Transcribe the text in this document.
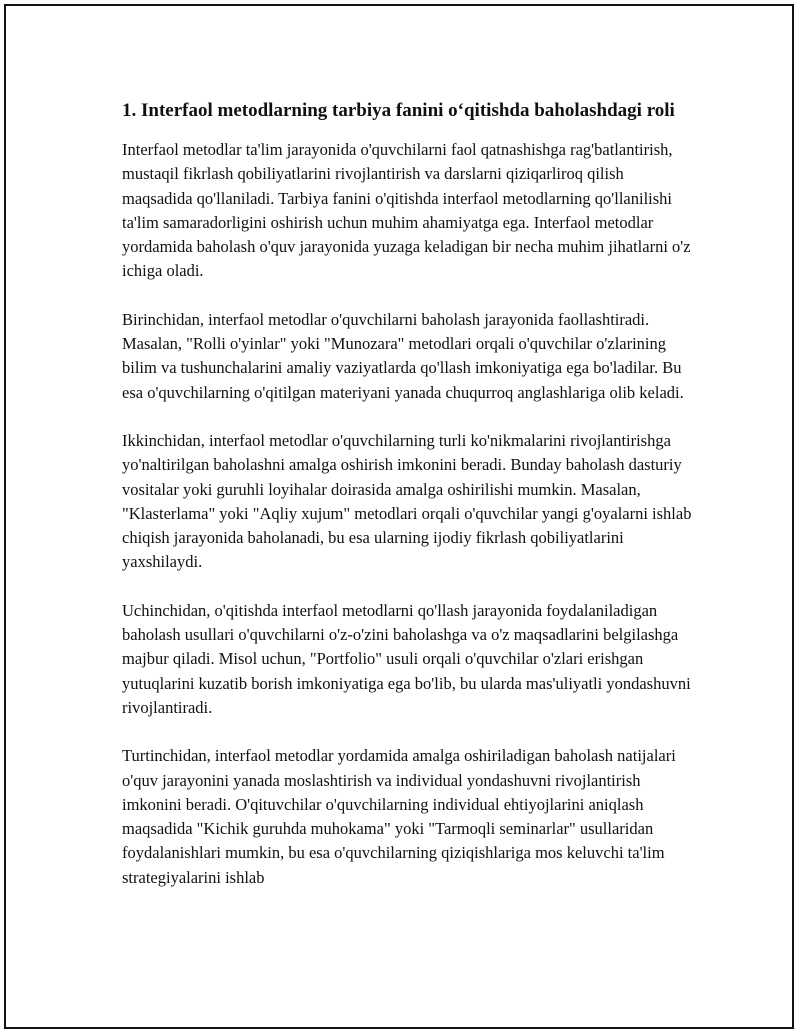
1. Interfaol metodlarning tarbiya fanini o‘qitishda baholashdagi roli

Interfaol metodlar ta'lim jarayonida o'quvchilarni faol qatnashishga rag'batlantirish, mustaqil fikrlash qobiliyatlarini rivojlantirish va darslarni qiziqarliroq qilish maqsadida qo'llaniladi. Tarbiya fanini o'qitishda interfaol metodlarning qo'llanilishi ta'lim samaradorligini oshirish uchun muhim ahamiyatga ega. Interfaol metodlar yordamida baholash o'quv jarayonida yuzaga keladigan bir necha muhim jihatlarni o'z ichiga oladi.

Birinchidan, interfaol metodlar o'quvchilarni baholash jarayonida faollashtiradi. Masalan, "Rolli o'yinlar" yoki "Munozara" metodlari orqali o'quvchilar o'zlarining bilim va tushunchalarini amaliy vaziyatlarda qo'llash imkoniyatiga ega bo'ladilar. Bu esa o'quvchilarning o'qitilgan materiyani yanada chuqurroq anglashlariga olib keladi.

Ikkinchidan, interfaol metodlar o'quvchilarning turli ko'nikmalarini rivojlantirishga yo'naltirilgan baholashni amalga oshirish imkonini beradi. Bunday baholash dasturiy vositalar yoki guruhli loyihalar doirasida amalga oshirilishi mumkin. Masalan, "Klasterlama" yoki "Aqliy xujum" metodlari orqali o'quvchilar yangi g'oyalarni ishlab chiqish jarayonida baholanadi, bu esa ularning ijodiy fikrlash qobiliyatlarini yaxshilaydi.

Uchinchidan, o'qitishda interfaol metodlarni qo'llash jarayonida foydalaniladigan baholash usullari o'quvchilarni o'z-o'zini baholashga va o'z maqsadlarini belgilashga majbur qiladi. Misol uchun, "Portfolio" usuli orqali o'quvchilar o'zlari erishgan yutuqlarini kuzatib borish imkoniyatiga ega bo'lib, bu ularda mas'uliyatli yondashuvni rivojlantiradi.

Turtinchidan, interfaol metodlar yordamida amalga oshiriladigan baholash natijalari o'quv jarayonini yanada moslashtirish va individual yondashuvni rivojlantirish imkonini beradi. O'qituvchilar o'quvchilarning individual ehtiyojlarini aniqlash maqsadida "Kichik guruhda muhokama" yoki "Tarmoqli seminarlar" usullaridan foydalanishlari mumkin, bu esa o'quvchilarning qiziqishlariga mos keluvchi ta'lim strategiyalarini ishlab
